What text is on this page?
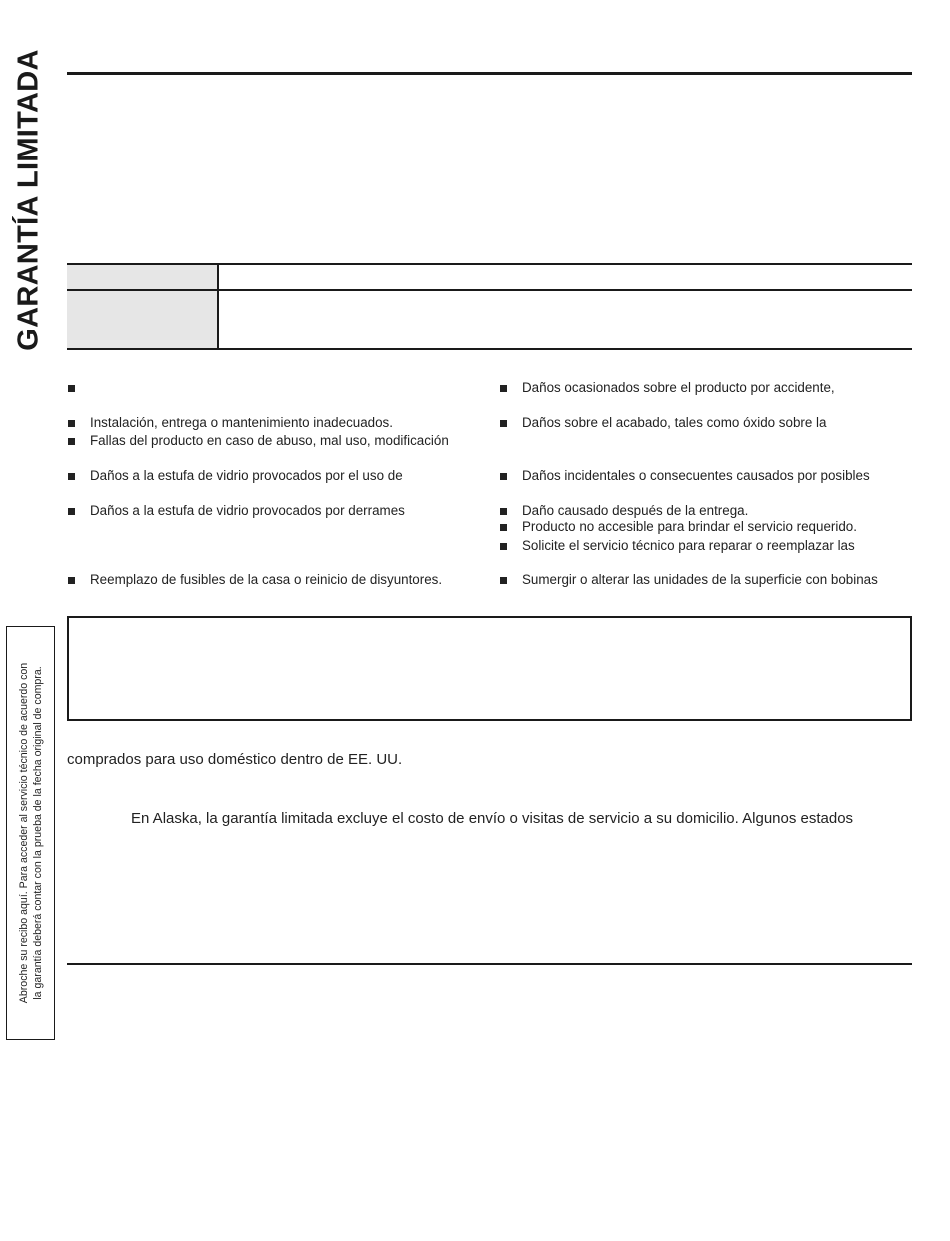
GARANTÍA LIMITADA
Instalación, entrega o mantenimiento inadecuados.
Fallas del producto en caso de abuso, mal uso, modificación
Daños a la estufa de vidrio provocados por el uso de
Daños a la estufa de vidrio provocados por derrames
Reemplazo de fusibles de la casa o reinicio de disyuntores.
Daños ocasionados sobre el producto por accidente,
Daños sobre el acabado, tales como óxido sobre la
Daños incidentales o consecuentes causados por posibles
Daño causado después de la entrega.
Producto no accesible para brindar el servicio requerido.
Solicite el servicio técnico para reparar o reemplazar las
Sumergir o alterar las unidades de la superficie con bobinas
comprados para uso doméstico dentro de EE. UU.
En Alaska, la garantía limitada excluye el costo de envío o visitas de servicio a su domicilio. Algunos estados
Abroche su recibo aquí. Para acceder al servicio técnico de acuerdo con la garantía deberá contar con la prueba de la fecha original de compra.
